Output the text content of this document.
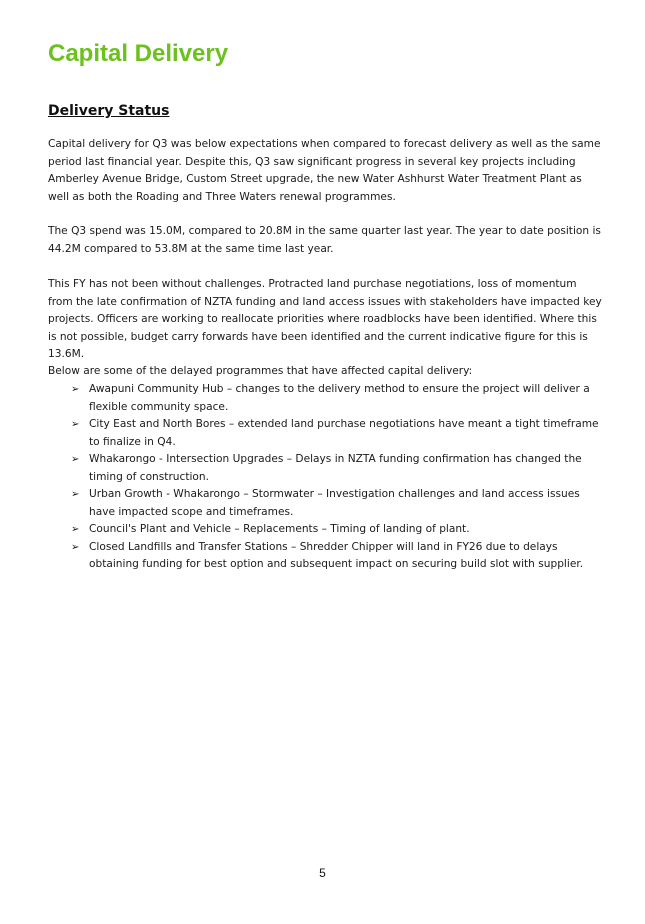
Capital Delivery
Delivery Status

Capital delivery for Q3 was below expectations when compared to forecast delivery as well as the same period last financial year. Despite this, Q3 saw significant progress in several key projects including Amberley Avenue Bridge, Custom Street upgrade, the new Water Ashhurst Water Treatment Plant as well as both the Roading and Three Waters renewal programmes.

The Q3 spend was 15.0M, compared to 20.8M in the same quarter last year. The year to date position is 44.2M compared to 53.8M at the same time last year.

This FY has not been without challenges. Protracted land purchase negotiations, loss of momentum from the late confirmation of NZTA funding and land access issues with stakeholders have impacted key projects. Officers are working to reallocate priorities where roadblocks have been identified. Where this is not possible, budget carry forwards have been identified and the current indicative figure for this is 13.6M.

Below are some of the delayed programmes that have affected capital delivery:

➢ Awapuni Community Hub – changes to the delivery method to ensure the project will deliver a flexible community space.
➢ City East and North Bores – extended land purchase negotiations have meant a tight timeframe to finalize in Q4.
➢ Whakarongo - Intersection Upgrades – Delays in NZTA funding confirmation has changed the timing of construction.
➢ Urban Growth - Whakarongo – Stormwater – Investigation challenges and land access issues have impacted scope and timeframes.
➢ Council's Plant and Vehicle – Replacements – Timing of landing of plant.
➢ Closed Landfills and Transfer Stations – Shredder Chipper will land in FY26 due to delays obtaining funding for best option and subsequent impact on securing build slot with supplier.
5
